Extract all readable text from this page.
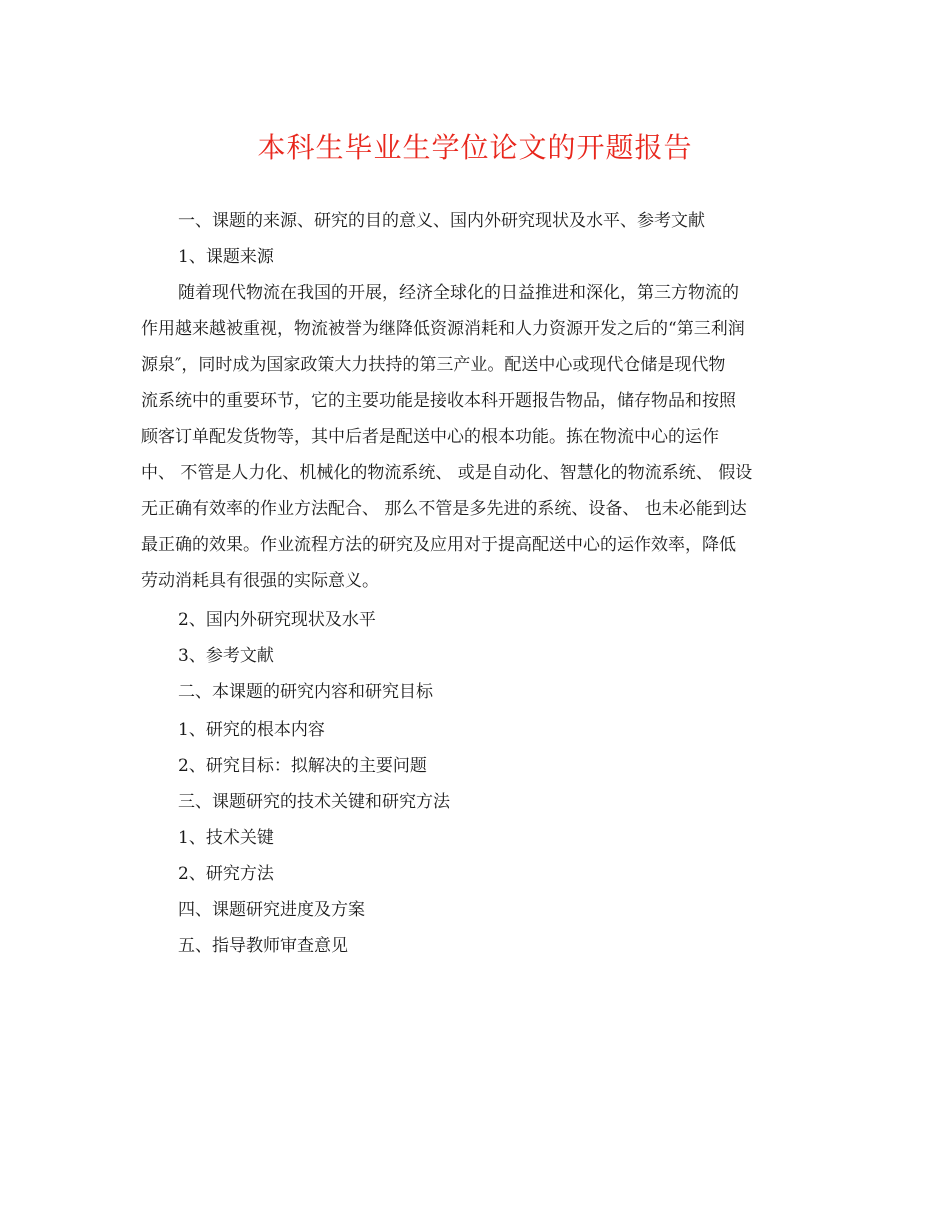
本科生毕业生学位论文的开题报告
一、课题的来源、研究的目的意义、国内外研究现状及水平、参考文献
1、课题来源
随着现代物流在我国的开展，经济全球化的日益推进和深化，第三方物流的
作用越来越被重视，物流被誉为继降低资源消耗和人力资源开发之后的“第三利润
源泉″，同时成为国家政策大力扶持的第三产业。配送中心或现代仓储是现代物
流系统中的重要环节，它的主要功能是接收本科开题报告物品，储存物品和按照
顾客订单配发货物等，其中后者是配送中心的根本功能。拣在物流中心的运作
中、 不管是人力化、机械化的物流系统、 或是自动化、智慧化的物流系统、 假设
无正确有效率的作业方法配合、 那么不管是多先进的系统、设备、 也未必能到达
最正确的效果。作业流程方法的研究及应用对于提高配送中心的运作效率，降低
劳动消耗具有很强的实际意义。
2、国内外研究现状及水平
3、参考文献
二、本课题的研究内容和研究目标
1、研究的根本内容
2、研究目标：拟解决的主要问题
三、课题研究的技术关键和研究方法
1、技术关键
2、研究方法
四、课题研究进度及方案
五、指导教师审查意见
